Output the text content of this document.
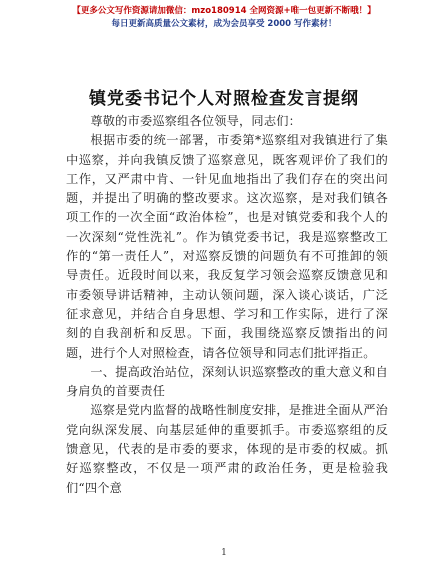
【更多公文写作资源请加微信：mzo180914 全网资源+唯一包更新不断哦！】
每日更新高质量公文素材，成为会员享受 2000 写作素材！
镇党委书记个人对照检查发言提纲

尊敬的市委巡察组各位领导，同志们：

根据市委的统一部署，市委第*巡察组对我镇进行了集中巡察，并向我镇反馈了巡察意见，既客观评价了我们的工作，又严肃中肯、一针见血地指出了我们存在的突出问题，并提出了明确的整改要求。这次巡察，是对我们镇各项工作的一次全面“政治体检”，也是对镇党委和我个人的一次深刻“党性洗礼”。作为镇党委书记，我是巡察整改工作的“第一责任人”，对巡察反馈的问题负有不可推卸的领导责任。近段时间以来，我反复学习领会巡察反馈意见和市委领导讲话精神，主动认领问题，深入谈心谈话，广泛征求意见，并结合自身思想、学习和工作实际，进行了深刻的自我剖析和反思。下面，我围绕巡察反馈指出的问题，进行个人对照检查，请各位领导和同志们批评指正。

一、提高政治站位，深刻认识巡察整改的重大意义和自身肩负的首要责任

巡察是党内监督的战略性制度安排，是推进全面从严治党向纵深发展、向基层延伸的重要抓手。市委巡察组的反馈意见，代表的是市委的要求，体现的是市委的权威。抓好巡察整改，不仅是一项严肃的政治任务，更是检验我们“四个意

1
